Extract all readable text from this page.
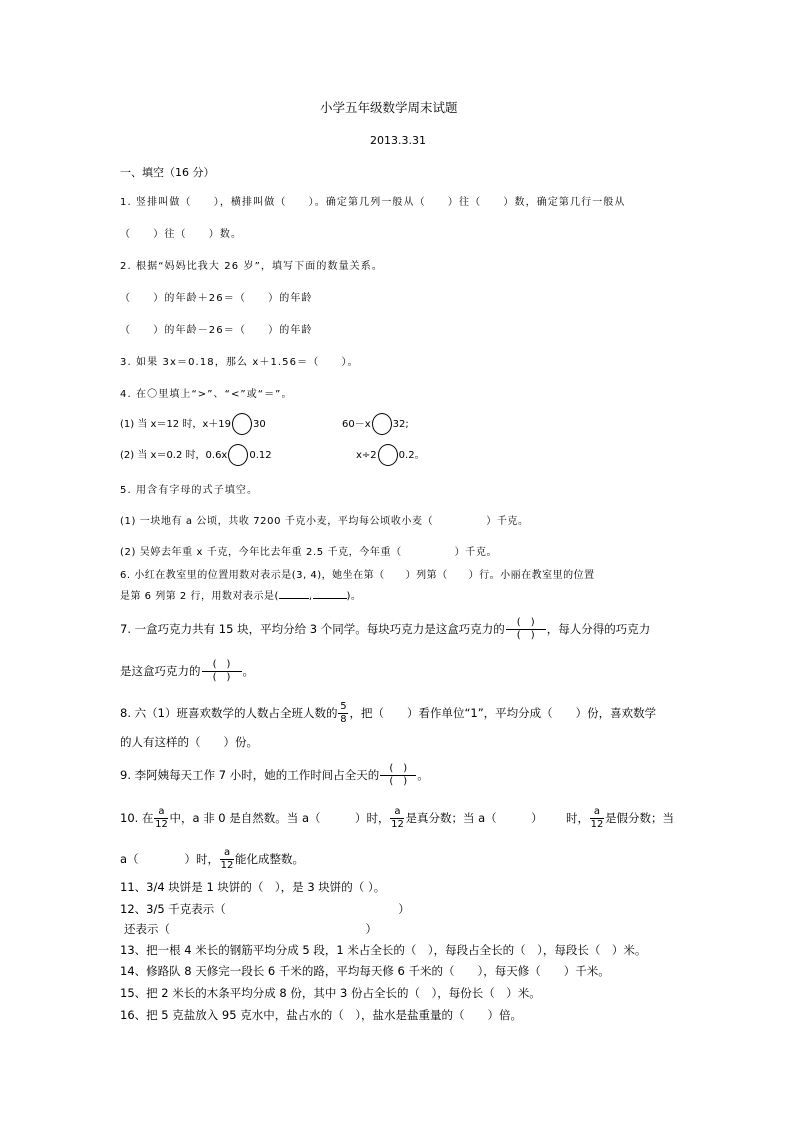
小学五年级数学周末试题
2013.3.31
一、填空（16 分）
1. 竖排叫做（　　），横排叫做（　　）。确定第几列一般从（　　）往（　　）数，确定第几行一般从
（　　）往（　　）数。
2. 根据“妈妈比我大 26 岁”，填写下面的数量关系。
（　　）的年龄＋26＝（　　）的年龄
（　　）的年龄－26＝（　　）的年龄
3. 如果 3x＝0.18，那么 x＋1.56＝（　　）。
4. 在〇里填上“>”、“<”或“＝”。
(1) 当 x＝12 时，x＋19 30	60－x 32;
(2) 当 x＝0.2 时，0.6x 0.12	x÷2 0.2。
5. 用含有字母的式子填空。
(1) 一块地有 a 公顷，共收 7200 千克小麦，平均每公顷收小麦（　　　　　）千克。
(2) 吴婷去年重 x 千克，今年比去年重 2.5 千克，今年重（　　　　　）千克。
6. 小红在教室里的位置用数对表示是(3, 4)，她坐在第（　　）列第（　　）行。小丽在教室里的位置
是第 6 列第 2 行，用数对表示是(	,	)。
7. 一盒巧克力共有 15 块，平均分给 3 个同学。每块巧克力是这盒巧克力的 $\frac{( )}{( )}$ ，每人分得的巧克力
是这盒巧克力的 $\frac{( )}{( )}$ 。
8. 六（1）班喜欢数学的人数占全班人数的 $\frac{5}{8}$ ，把（　　）看作单位“1”，平均分成（　　）份，喜欢数学
的人有这样的（　　）份。
9. 李阿姨每天工作 7 小时，她的工作时间占全天的 $\frac{( )}{( )}$ 。
10. 在 $\frac{a}{12}$ 中，a 非 0 是自然数。当 a（　　　）时， $\frac{a}{12}$ 是真分数；当 a（　　　） 时， $\frac{a}{12}$ 是假分数；当
a（　　　　）时， $\frac{a}{12}$ 能化成整数。
11、3/4 块饼是 1 块饼的（　），是 3 块饼的（ ）。
12、3/5 千克表示（　　　　　　　　　　　　　　　）
还表示（　　　　　　　　　　　　　　　　　）
13、把一根 4 米长的钢筋平均分成 5 段，1 米占全长的（　），每段占全长的（　），每段长（　）米。
14、修路队 8 天修完一段长 6 千米的路，平均每天修 6 千米的（　　），每天修（　　）千米。
15、把 2 米长的木条平均分成 8 份，其中 3 份占全长的（　），每份长（　）米。
16、把 5 克盐放入 95 克水中，盐占水的（　），盐水是盐重量的（　　）倍。
